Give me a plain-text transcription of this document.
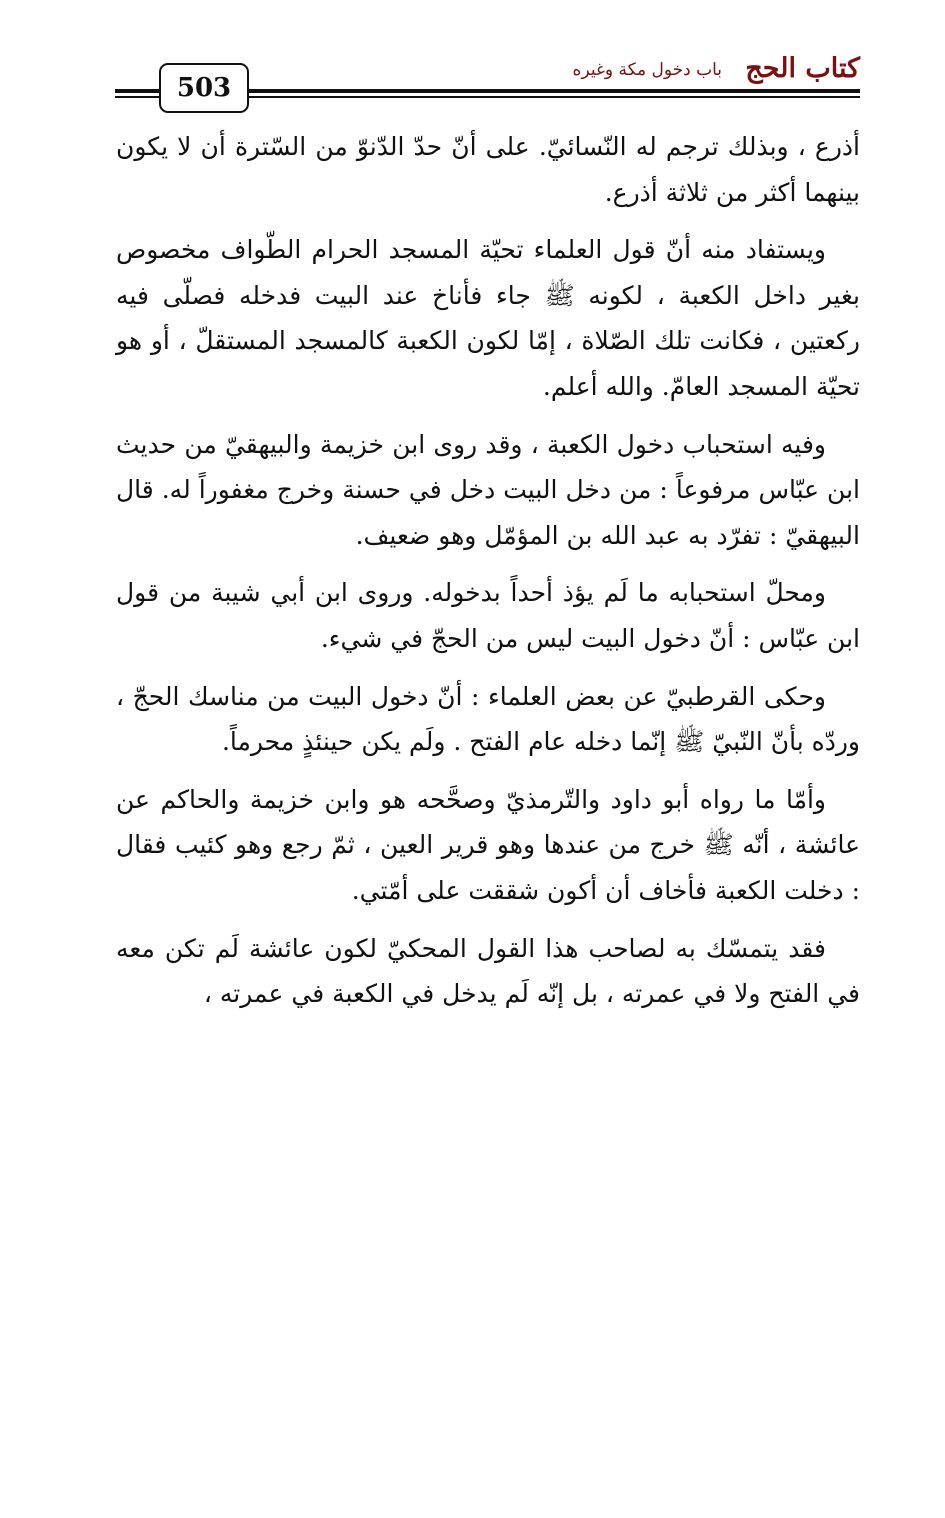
كتاب الحج
باب دخول مكة وغيره
503

أذرع ، وبذلك ترجم له النّسائيّ. على أنّ حدّ الدّنوّ من السّترة أن لا يكون بينهما أكثر من ثلاثة أذرع.

ويستفاد منه أنّ قول العلماء تحيّة المسجد الحرام الطّواف مخصوص بغير داخل الكعبة ، لكونه ﷺ جاء فأناخ عند البيت فدخله فصلّى فيه ركعتين ، فكانت تلك الصّلاة ، إمّا لكون الكعبة كالمسجد المستقلّ ، أو هو تحيّة المسجد العامّ. والله أعلم.

وفيه استحباب دخول الكعبة ، وقد روى ابن خزيمة والبيهقيّ من حديث ابن عبّاس مرفوعاً : من دخل البيت دخل في حسنة وخرج مغفوراً له. قال البيهقيّ : تفرّد به عبد الله بن المؤمّل وهو ضعيف.

ومحلّ استحبابه ما لَم يؤذ أحداً بدخوله. وروى ابن أبي شيبة من قول ابن عبّاس : أنّ دخول البيت ليس من الحجّ في شيء.

وحكى القرطبيّ عن بعض العلماء : أنّ دخول البيت من مناسك الحجّ ، وردّه بأنّ النّبيّ ﷺ إنّما دخله عام الفتح . ولَم يكن حينئذٍ محرماً.

وأمّا ما رواه أبو داود والتّرمذيّ وصحَّحه هو وابن خزيمة والحاكم عن عائشة ، أنّه ﷺ خرج من عندها وهو قرير العين ، ثمّ رجع وهو كئيب فقال : دخلت الكعبة فأخاف أن أكون شققت على أمّتي.

فقد يتمسّك به لصاحب هذا القول المحكيّ لكون عائشة لَم تكن معه في الفتح ولا في عمرته ، بل إنّه لَم يدخل في الكعبة في عمرته ،
